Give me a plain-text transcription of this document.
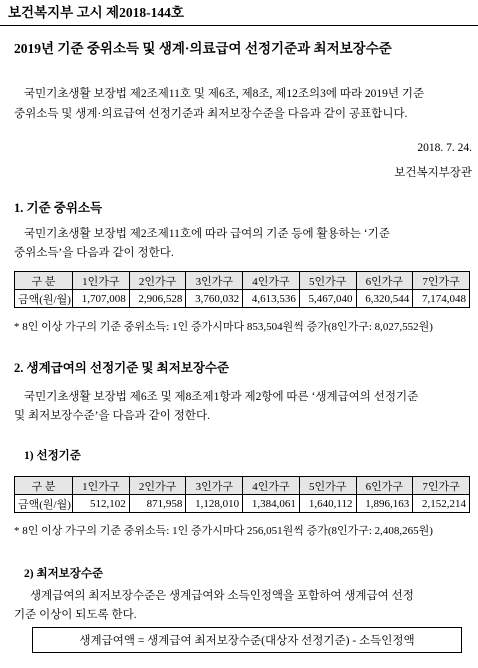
보건복지부 고시 제2018-144호
2019년 기준 중위소득 및 생계·의료급여 선정기준과 최저보장수준
국민기초생활 보장법 제2조제11호 및 제6조, 제8조, 제12조의3에 따라 2019년 기준
중위소득 및 생계·의료급여 선정기준과 최저보장수준을 다음과 같이 공표합니다.
2018. 7. 24.
보건복지부장관
1. 기준 중위소득
국민기초생활 보장법 제2조제11호에 따라 급여의 기준 등에 활용하는 ‘기준
중위소득’을 다음과 같이 정한다.
구 분	1인가구	2인가구	3인가구	4인가구	5인가구	6인가구	7인가구
금액(원/월)	1,707,008	2,906,528	3,760,032	4,613,536	5,467,040	6,320,544	7,174,048
* 8인 이상 가구의 기준 중위소득: 1인 증가시마다 853,504원씩 증가(8인가구: 8,027,552원)
2. 생계급여의 선정기준 및 최저보장수준
국민기초생활 보장법 제6조 및 제8조제1항과 제2항에 따른 ‘생계급여의 선정기준
및 최저보장수준’을 다음과 같이 정한다.
1) 선정기준
구 분	1인가구	2인가구	3인가구	4인가구	5인가구	6인가구	7인가구
금액(원/월)	512,102	871,958	1,128,010	1,384,061	1,640,112	1,896,163	2,152,214
* 8인 이상 가구의 기준 중위소득: 1인 증가시마다 256,051원씩 증가(8인가구: 2,408,265원)
2) 최저보장수준
생계급여의 최저보장수준은 생계급여와 소득인정액을 포함하여 생계급여 선정
기준 이상이 되도록 한다.
생계급여액 = 생계급여 최저보장수준(대상자 선정기준) - 소득인정액
